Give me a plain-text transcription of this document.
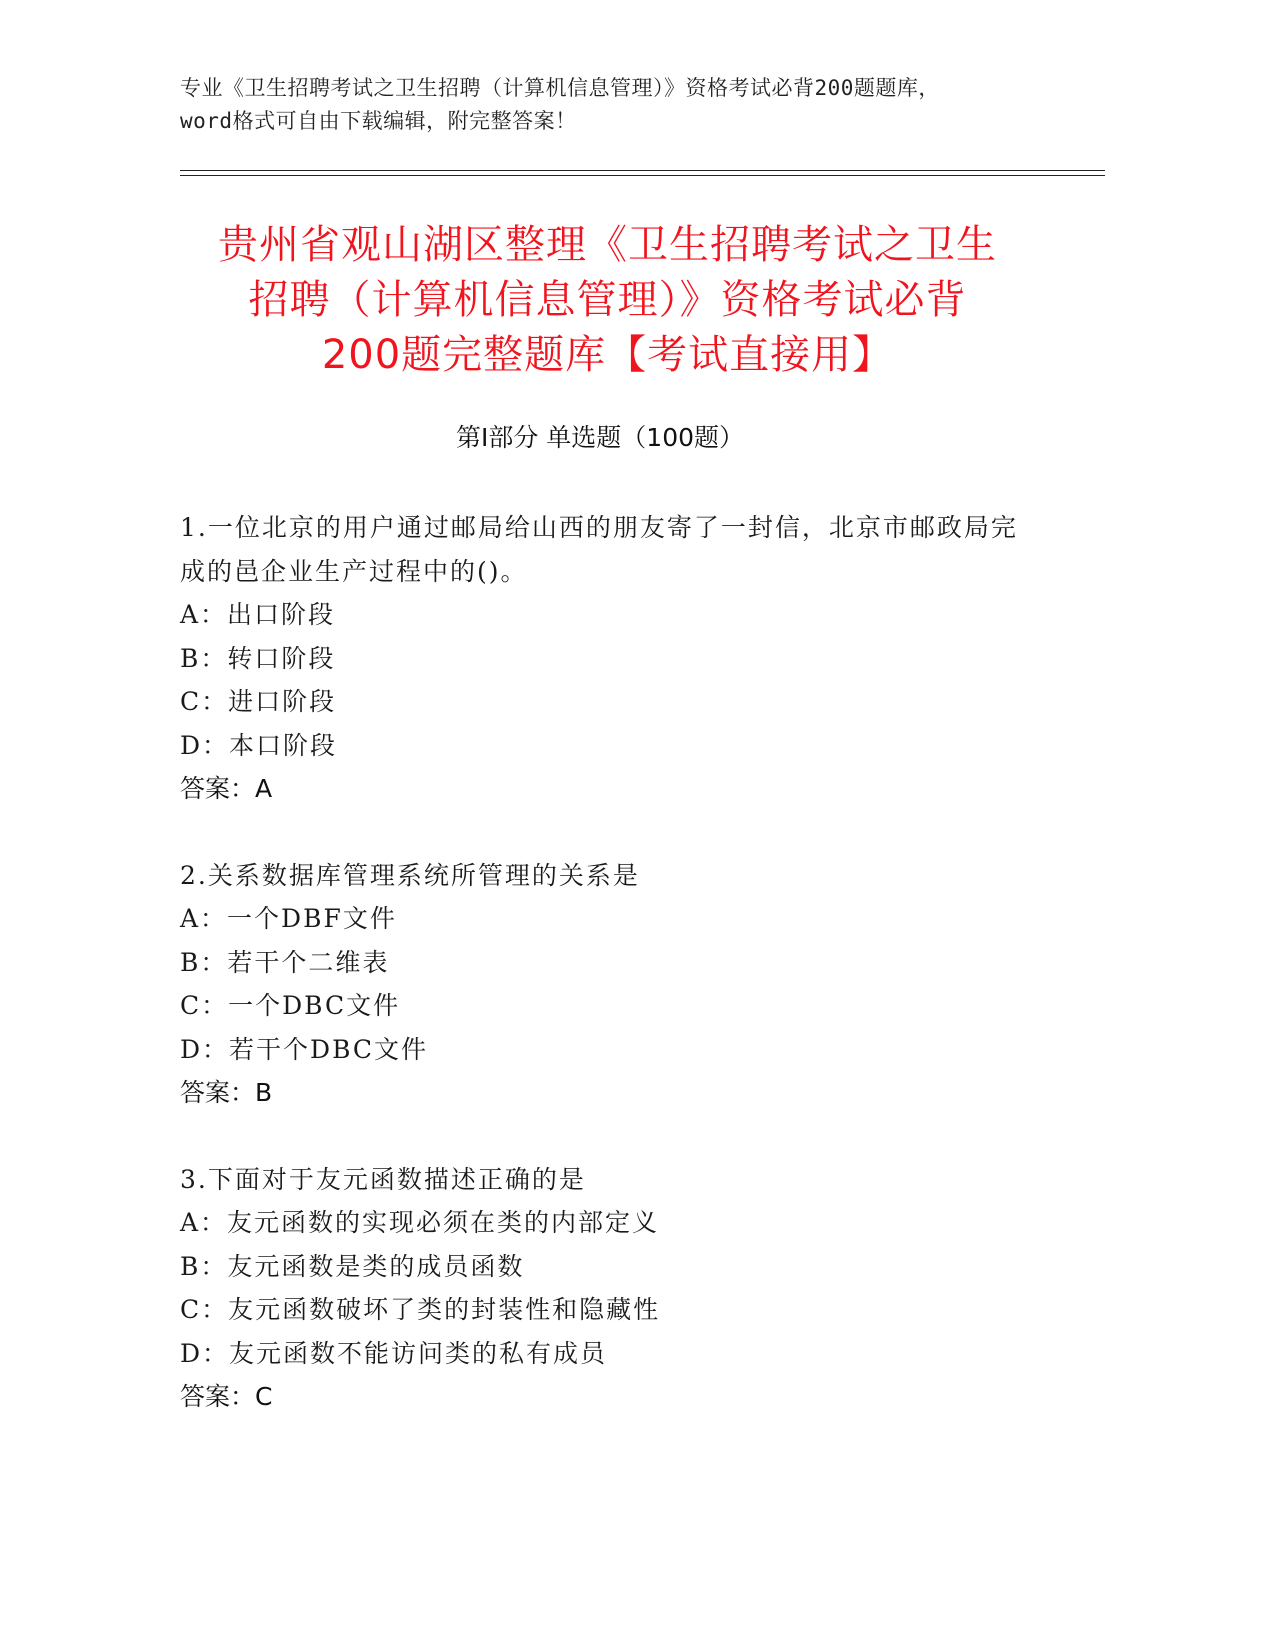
专业《卫生招聘考试之卫生招聘（计算机信息管理）》资格考试必背200题题库，
word格式可自由下载编辑，附完整答案！
贵州省观山湖区整理《卫生招聘考试之卫生
招聘（计算机信息管理）》资格考试必背
200题完整题库【考试直接用】
第Ⅰ部分 单选题（100题）
1.一位北京的用户通过邮局给山西的朋友寄了一封信，北京市邮政局完成的邑企业生产过程中的()。
A：出口阶段
B：转口阶段
C：进口阶段
D：本口阶段
答案：A
2.关系数据库管理系统所管理的关系是
A：一个DBF文件
B：若干个二维表
C：一个DBC文件
D：若干个DBC文件
答案：B
3.下面对于友元函数描述正确的是
A：友元函数的实现必须在类的内部定义
B：友元函数是类的成员函数
C：友元函数破坏了类的封装性和隐藏性
D：友元函数不能访问类的私有成员
答案：C
